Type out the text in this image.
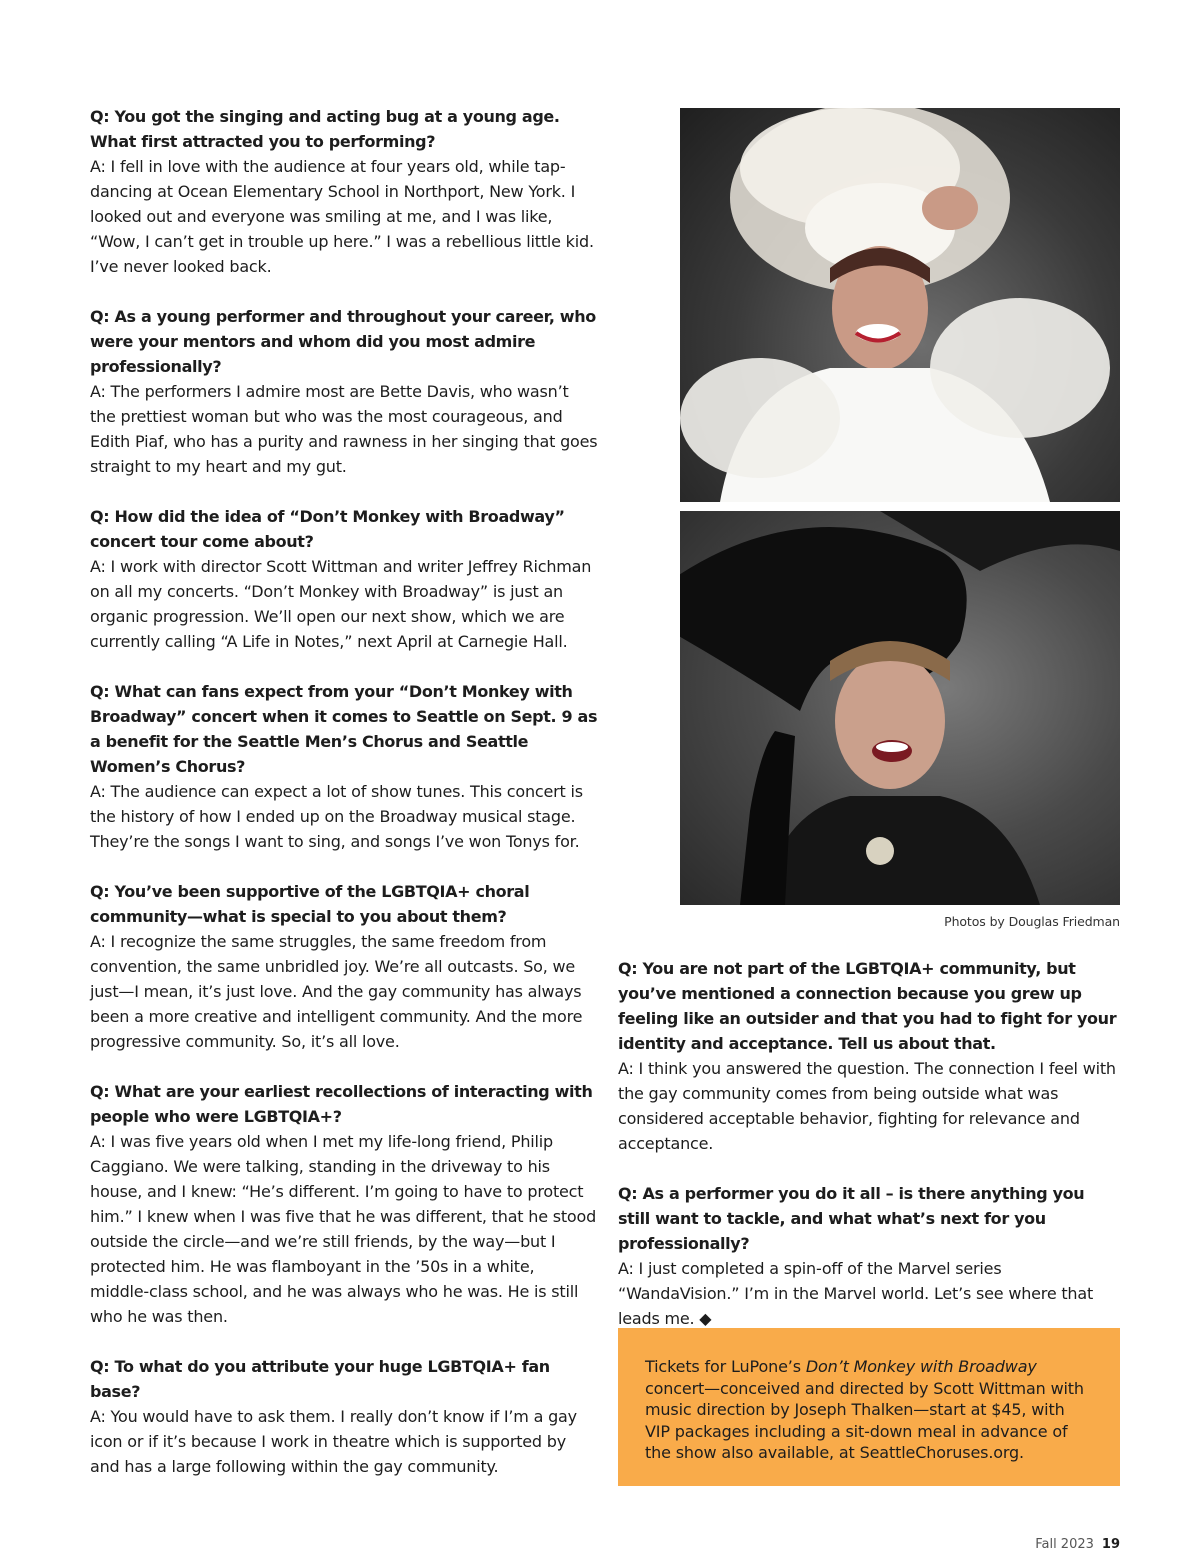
Q: You got the singing and acting bug at a young age. What first attracted you to performing?

A: I fell in love with the audience at four years old, while tap-dancing at Ocean Elementary School in Northport, New York. I looked out and everyone was smiling at me, and I was like, “Wow, I can’t get in trouble up here.” I was a rebellious little kid. I’ve never looked back.

Q: As a young performer and throughout your career, who were your mentors and whom did you most admire professionally?

A: The performers I admire most are Bette Davis, who wasn’t the prettiest woman but who was the most courageous, and Edith Piaf, who has a purity and rawness in her singing that goes straight to my heart and my gut.

Q: How did the idea of “Don’t Monkey with Broadway” concert tour come about?

A: I work with director Scott Wittman and writer Jeffrey Richman on all my concerts. “Don’t Monkey with Broadway” is just an organic progression. We’ll open our next show, which we are currently calling “A Life in Notes,” next April at Carnegie Hall.

Q: What can fans expect from your “Don’t Monkey with Broadway” concert when it comes to Seattle on Sept. 9 as a benefit for the Seattle Men’s Chorus and Seattle Women’s Chorus?

A: The audience can expect a lot of show tunes. This concert is the history of how I ended up on the Broadway musical stage. They’re the songs I want to sing, and songs I’ve won Tonys for.

Q: You’ve been supportive of the LGBTQIA+ choral community—what is special to you about them?

A: I recognize the same struggles, the same freedom from convention, the same unbridled joy. We’re all outcasts. So, we just—I mean, it’s just love. And the gay community has always been a more creative and intelligent community. And the more progressive community. So, it’s all love.

Q: What are your earliest recollections of interacting with people who were LGBTQIA+?

A: I was five years old when I met my life-long friend, Philip Caggiano. We were talking, standing in the driveway to his house, and I knew: “He’s different. I’m going to have to protect him.” I knew when I was five that he was different, that he stood outside the circle—and we’re still friends, by the way—but I protected him. He was flamboyant in the ’50s in a white, middle-class school, and he was always who he was. He is still who he was then.

Q: To what do you attribute your huge LGBTQIA+ fan base?

A: You would have to ask them. I really don’t know if I’m a gay icon or if it’s because I work in theatre which is supported by and has a large following within the gay community.

Photos by Douglas Friedman

Q: You are not part of the LGBTQIA+ community, but you’ve mentioned a connection because you grew up feeling like an outsider and that you had to fight for your identity and acceptance. Tell us about that.

A: I think you answered the question. The connection I feel with the gay community comes from being outside what was considered acceptable behavior, fighting for relevance and acceptance.

Q: As a performer you do it all – is there anything you still want to tackle, and what what’s next for you professionally?

A: I just completed a spin-off of the Marvel series “WandaVision.” I’m in the Marvel world. Let’s see where that leads me. ◆

Tickets for LuPone’s Don’t Monkey with Broadway concert—conceived and directed by Scott Wittman with music direction by Joseph Thalken—start at $45, with VIP packages including a sit-down meal in advance of the show also available, at SeattleChoruses.org.

Fall 2023 19
